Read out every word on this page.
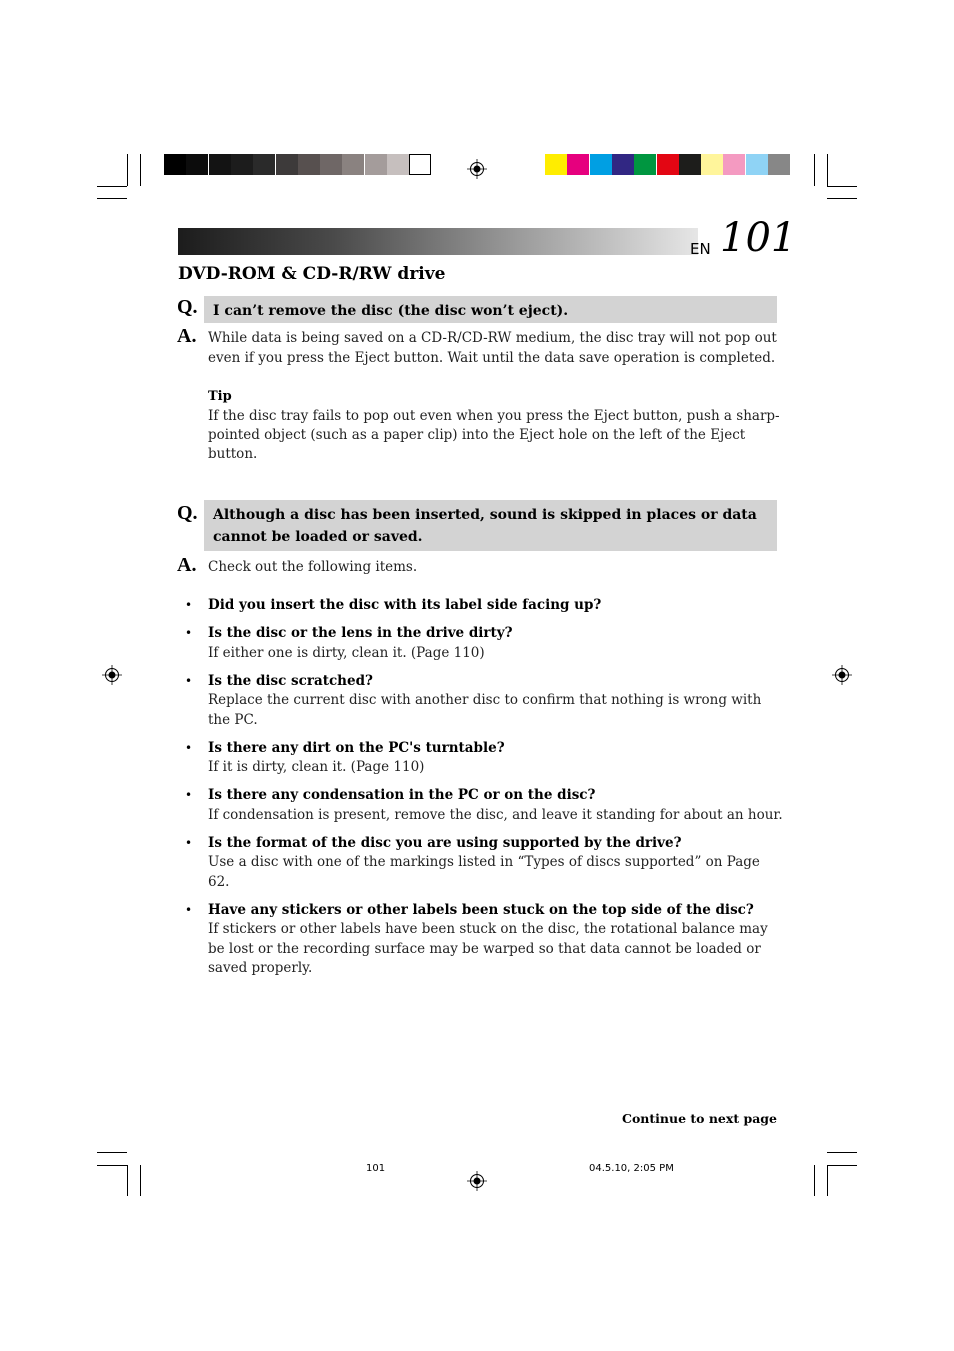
EN 101
DVD-ROM & CD-R/RW drive
Q.	I can’t remove the disc (the disc won’t eject).
A. While data is being saved on a CD-R/CD-RW medium, the disc tray will not pop out even if you press the Eject button. Wait until the data save operation is completed.
Tip
If the disc tray fails to pop out even when you press the Eject button, push a sharp-pointed object (such as a paper clip) into the Eject hole on the left of the Eject button.
Q.	Although a disc has been inserted, sound is skipped in places or data cannot be loaded or saved.
A. Check out the following items.
• Did you insert the disc with its label side facing up?
• Is the disc or the lens in the drive dirty?
If either one is dirty, clean it. (Page 110)
• Is the disc scratched?
Replace the current disc with another disc to confirm that nothing is wrong with the PC.
• Is there any dirt on the PC's turntable?
If it is dirty, clean it. (Page 110)
• Is there any condensation in the PC or on the disc?
If condensation is present, remove the disc, and leave it standing for about an hour.
• Is the format of the disc you are using supported by the drive?
Use a disc with one of the markings listed in “Types of discs supported” on Page 62.
• Have any stickers or other labels been stuck on the top side of the disc?
If stickers or other labels have been stuck on the disc, the rotational balance may be lost or the recording surface may be warped so that data cannot be loaded or saved properly.
Continue to next page
101	04.5.10, 2:05 PM
